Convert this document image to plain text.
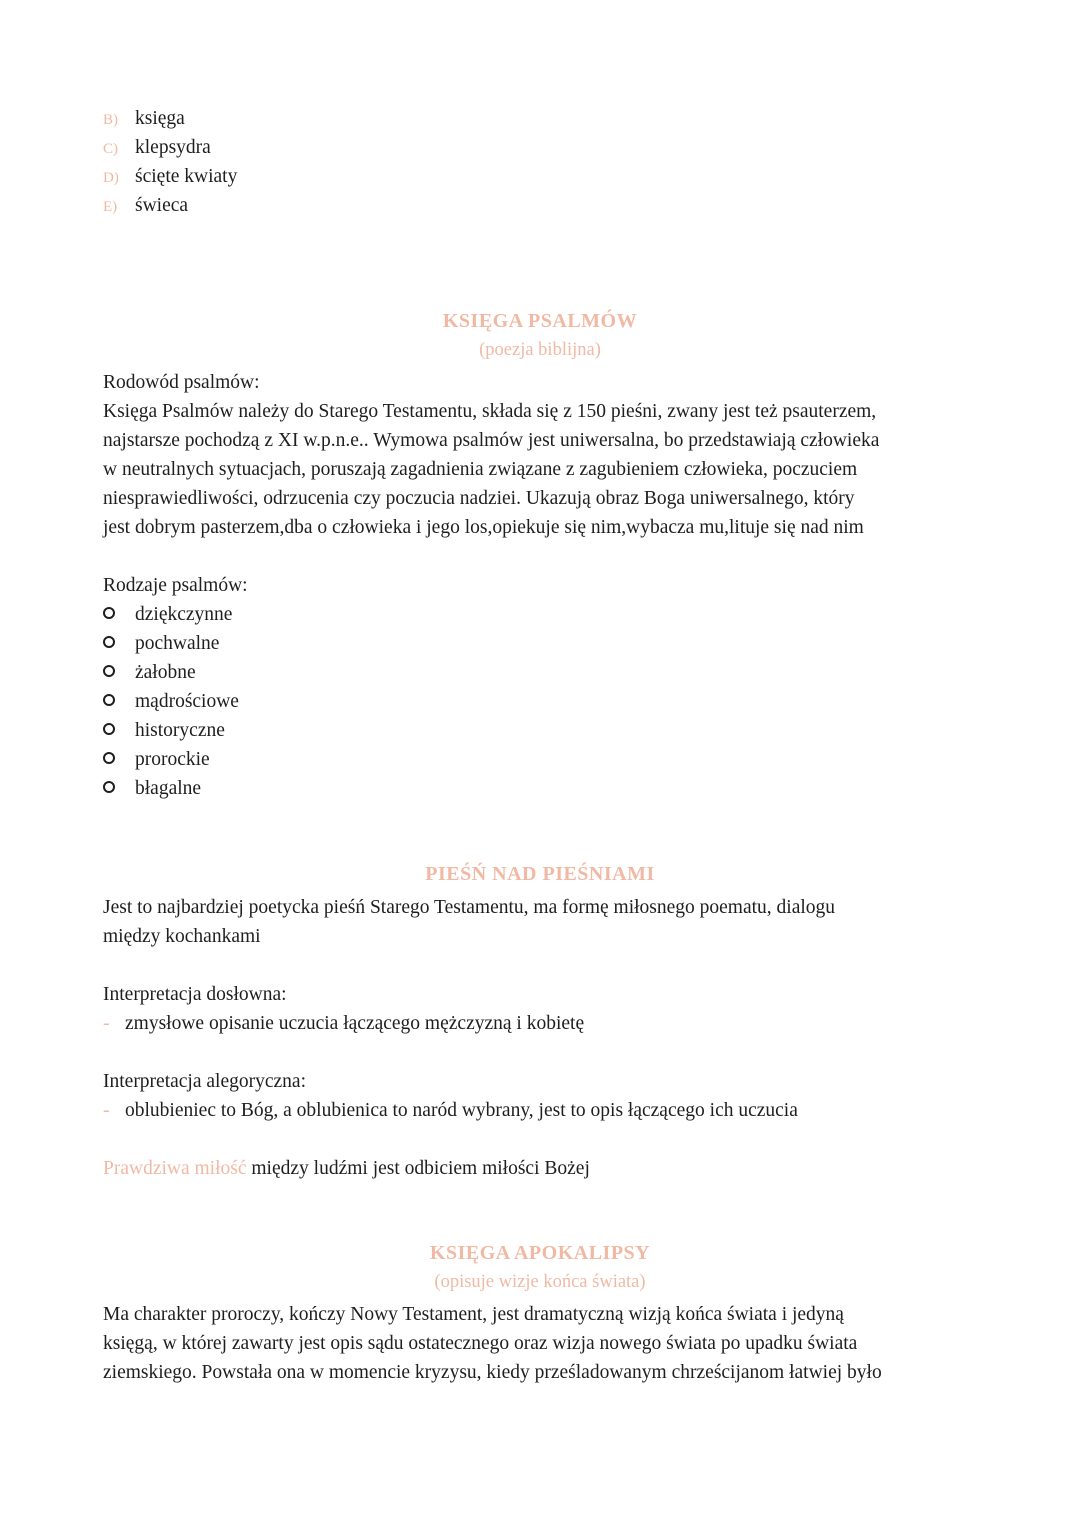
B) księga
C) klepsydra
D) ścięte kwiaty
E) świeca
KSIĘGA PSALMÓW
(poezja biblijna)
Rodowód psalmów:
Księga Psalmów należy do Starego Testamentu, składa się z 150 pieśni, zwany jest też psauterzem,
najstarsze pochodzą z XI w.p.n.e.. Wymowa psalmów jest uniwersalna, bo przedstawiają człowieka
w neutralnych sytuacjach, poruszają zagadnienia związane z zagubieniem człowieka, poczuciem
niesprawiedliwości, odrzucenia czy poczucia nadziei. Ukazują obraz Boga uniwersalnego, który
jest dobrym pasterzem,dba o człowieka i jego los,opiekuje się nim,wybacza mu,lituje się nad nim
Rodzaje psalmów:
dziękczynne
pochwalne
żałobne
mądrościowe
historyczne
prorockie
błagalne
PIEŚŃ NAD PIEŚNIAMI
Jest to najbardziej poetycka pieśń Starego Testamentu, ma formę miłosnego poematu, dialogu
między kochankami
Interpretacja dosłowna:
- zmysłowe opisanie uczucia łączącego mężczyzną i kobietę
Interpretacja alegoryczna:
- oblubieniec to Bóg, a oblubienica to naród wybrany, jest to opis łączącego ich uczucia
Prawdziwa miłość między ludźmi jest odbiciem miłości Bożej
KSIĘGA APOKALIPSY
(opisuje wizje końca świata)
Ma charakter proroczy, kończy Nowy Testament, jest dramatyczną wizją końca świata i jedyną
księgą, w której zawarty jest opis sądu ostatecznego oraz wizja nowego świata po upadku świata
ziemskiego. Powstała ona w momencie kryzysu, kiedy prześladowanym chrześcijanom łatwiej było
